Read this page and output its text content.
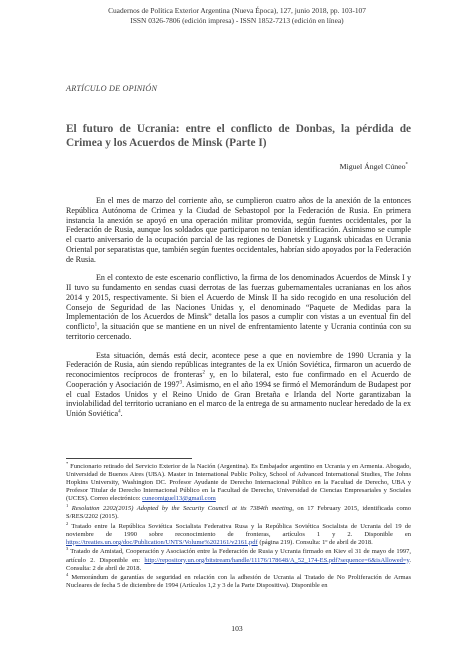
Cuadernos de Política Exterior Argentina (Nueva Época), 127, junio 2018, pp. 103-107
ISSN 0326-7806 (edición impresa) - ISSN 1852-7213 (edición en línea)
ARTÍCULO DE OPINIÓN
El futuro de Ucrania: entre el conflicto de Donbas, la pérdida de Crimea y los Acuerdos de Minsk (Parte I)
Miguel Ángel Cúneo*

En el mes de marzo del corriente año, se cumplieron cuatro años de la anexión de la entonces República Autónoma de Crimea y la Ciudad de Sebastopol por la Federación de Rusia. En primera instancia la anexión se apoyó en una operación militar promovida, según fuentes occidentales, por la Federación de Rusia, aunque los soldados que participaron no tenían identificación. Asimismo se cumple el cuarto aniversario de la ocupación parcial de las regiones de Donetsk y Lugansk ubicadas en Ucrania Oriental por separatistas que, también según fuentes occidentales, habrían sido apoyados por la Federación de Rusia.

En el contexto de este escenario conflictivo, la firma de los denominados Acuerdos de Minsk I y II tuvo su fundamento en sendas cuasi derrotas de las fuerzas gubernamentales ucranianas en los años 2014 y 2015, respectivamente. Si bien el Acuerdo de Minsk II ha sido recogido en una resolución del Consejo de Seguridad de las Naciones Unidas y, el denominado “Paquete de Medidas para la Implementación de los Acuerdos de Minsk” detalla los pasos a cumplir con vistas a un eventual fin del conflicto$^1$, la situación que se mantiene en un nivel de enfrentamiento latente y Ucrania continúa con su territorio cercenado.

Esta situación, demás está decir, acontece pese a que en noviembre de 1990 Ucrania y la Federación de Rusia, aún siendo repúblicas integrantes de la ex Unión Soviética, firmaron un acuerdo de reconocimientos recíprocos de fronteras$^2$ y, en lo bilateral, esto fue confirmado en el Acuerdo de Cooperación y Asociación de 1997$^3$. Asimismo, en el año 1994 se firmó el Memorándum de Budapest por el cual Estados Unidos y el Reino Unido de Gran Bretaña e Irlanda del Norte garantizaban la inviolabilidad del territorio ucraniano en el marco de la entrega de su armamento nuclear heredado de la ex Unión Soviética$^4$.

* Funcionario retirado del Servicio Exterior de la Nación (Argentina). Es Embajador argentino en Ucrania y en Armenia. Abogado, Universidad de Buenos Aires (UBA). Master in International Public Policy, School of Advanced International Studies, The Johns Hopkins University, Washington DC. Profesor Ayudante de Derecho Internacional Público en la Facultad de Derecho, UBA y Profesor Titular de Derecho Internacional Público en la Facultad de Derecho, Universidad de Ciencias Empresariales y Sociales (UCES). Correo electrónico: cuneomiguel13@gmail.com
$^1$ Resolution 2202(2015) Adopted by the Security Council at its 7384th meeting, on 17 February 2015, identificada como S/RES/2202 (2015).
$^2$ Tratado entre la República Soviética Socialista Federativa Rusa y la República Soviética Socialista de Ucrania del 19 de noviembre de 1990 sobre reconocimiento de fronteras, artículos 1 y 2. Disponible en https://treaties.un.org/doc/Publication/UNTS/Volume%202161/v2161.pdf (página 219). Consulta: 1º de abril de 2018.
$^3$ Tratado de Amistad, Cooperación y Asociación entre la Federación de Rusia y Ucrania firmado en Kiev el 31 de mayo de 1997, artículo 2. Disponible en: http://repository.un.org/bitstream/handle/11176/178648/A_52_174-ES.pdf?sequence=6&isAllowed=y. Consulta: 2 de abril de 2018.
$^4$ Memorándum de garantías de seguridad en relación con la adhesión de Ucrania al Tratado de No Proliferación de Armas Nucleares de fecha 5 de diciembre de 1994 (Artículos 1,2 y 3 de la Parte Dispositiva). Disponible en
103
